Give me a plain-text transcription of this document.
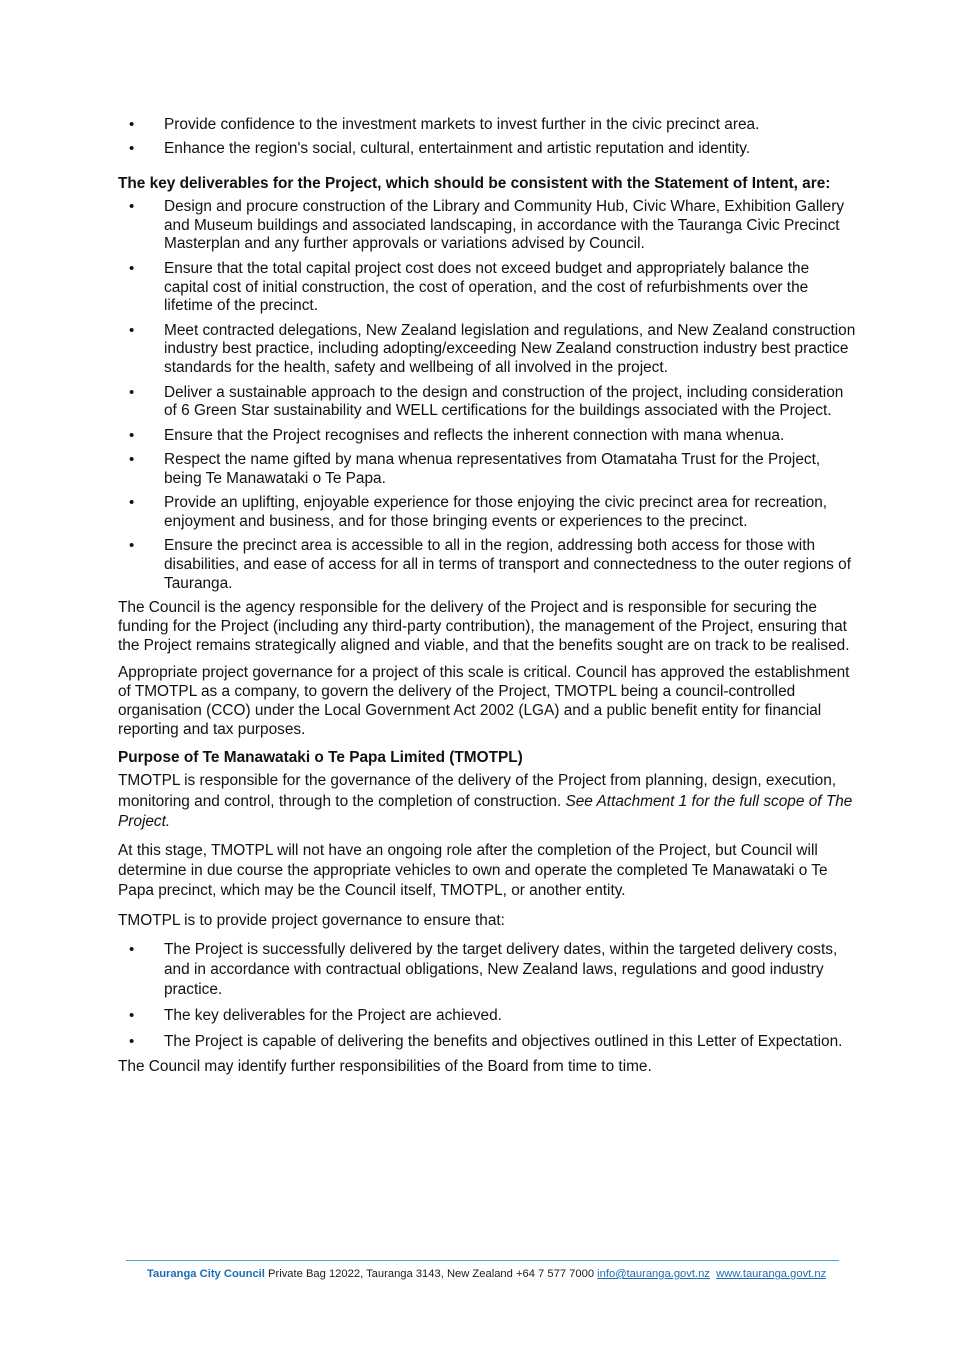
• Provide confidence to the investment markets to invest further in the civic precinct area.
• Enhance the region's social, cultural, entertainment and artistic reputation and identity.

The key deliverables for the Project, which should be consistent with the Statement of Intent, are:

• Design and procure construction of the Library and Community Hub, Civic Whare, Exhibition Gallery and Museum buildings and associated landscaping, in accordance with the Tauranga Civic Precinct Masterplan and any further approvals or variations advised by Council.
• Ensure that the total capital project cost does not exceed budget and appropriately balance the capital cost of initial construction, the cost of operation, and the cost of refurbishments over the lifetime of the precinct.
• Meet contracted delegations, New Zealand legislation and regulations, and New Zealand construction industry best practice, including adopting/exceeding New Zealand construction industry best practice standards for the health, safety and wellbeing of all involved in the project.
• Deliver a sustainable approach to the design and construction of the project, including consideration of 6 Green Star sustainability and WELL certifications for the buildings associated with the Project.
• Ensure that the Project recognises and reflects the inherent connection with mana whenua.
• Respect the name gifted by mana whenua representatives from Otamataha Trust for the Project, being Te Manawataki o Te Papa.
• Provide an uplifting, enjoyable experience for those enjoying the civic precinct area for recreation, enjoyment and business, and for those bringing events or experiences to the precinct.
• Ensure the precinct area is accessible to all in the region, addressing both access for those with disabilities, and ease of access for all in terms of transport and connectedness to the outer regions of Tauranga.

The Council is the agency responsible for the delivery of the Project and is responsible for securing the funding for the Project (including any third-party contribution), the management of the Project, ensuring that the Project remains strategically aligned and viable, and that the benefits sought are on track to be realised.

Appropriate project governance for a project of this scale is critical. Council has approved the establishment of TMOTPL as a company, to govern the delivery of the Project, TMOTPL being a council-controlled organisation (CCO) under the Local Government Act 2002 (LGA) and a public benefit entity for financial reporting and tax purposes.

Purpose of Te Manawataki o Te Papa Limited (TMOTPL)

TMOTPL is responsible for the governance of the delivery of the Project from planning, design, execution, monitoring and control, through to the completion of construction. See Attachment 1 for the full scope of The Project.

At this stage, TMOTPL will not have an ongoing role after the completion of the Project, but Council will determine in due course the appropriate vehicles to own and operate the completed Te Manawataki o Te Papa precinct, which may be the Council itself, TMOTPL, or another entity.

TMOTPL is to provide project governance to ensure that:

• The Project is successfully delivered by the target delivery dates, within the targeted delivery costs, and in accordance with contractual obligations, New Zealand laws, regulations and good industry practice.
• The key deliverables for the Project are achieved.
• The Project is capable of delivering the benefits and objectives outlined in this Letter of Expectation.

The Council may identify further responsibilities of the Board from time to time.

Tauranga City Council Private Bag 12022, Tauranga 3143, New Zealand +64 7 577 7000 info@tauranga.govt.nz www.tauranga.govt.nz
